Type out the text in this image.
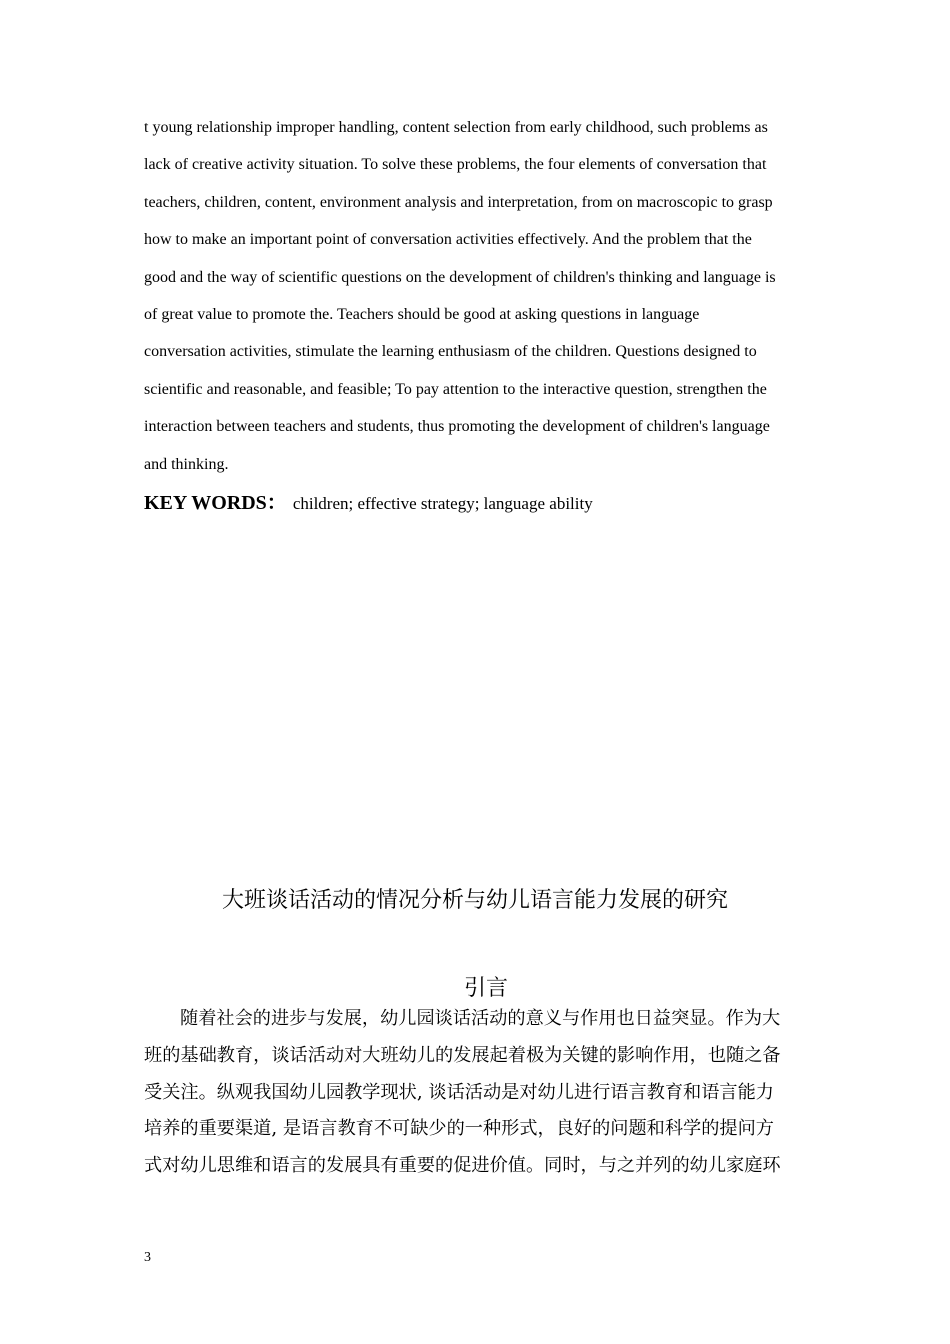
t young relationship improper handling, content selection from early childhood, such problems as
lack of creative activity situation. To solve these problems, the four elements of conversation that
teachers, children, content, environment analysis and interpretation, from on macroscopic to grasp
how to make an important point of conversation activities effectively. And the problem that the
good and the way of scientific questions on the development of children's thinking and language is
of great value to promote the. Teachers should be good at asking questions in language
conversation activities, stimulate the learning enthusiasm of the children. Questions designed to
scientific and reasonable, and feasible; To pay attention to the interactive question, strengthen the
interaction between teachers and students, thus promoting the development of children's language
and thinking.
KEY WORDS： children; effective strategy; language ability
大班谈话活动的情况分析与幼儿语言能力发展的研究
引言
随着社会的进步与发展，幼儿园谈话活动的意义与作用也日益突显。作为大
班的基础教育，谈话活动对大班幼儿的发展起着极为关键的影响作用，也随之备
受关注。纵观我国幼儿园教学现状, 谈话活动是对幼儿进行语言教育和语言能力
培养的重要渠道, 是语言教育不可缺少的一种形式，良好的问题和科学的提问方
式对幼儿思维和语言的发展具有重要的促进价值。同时，与之并列的幼儿家庭环
3
